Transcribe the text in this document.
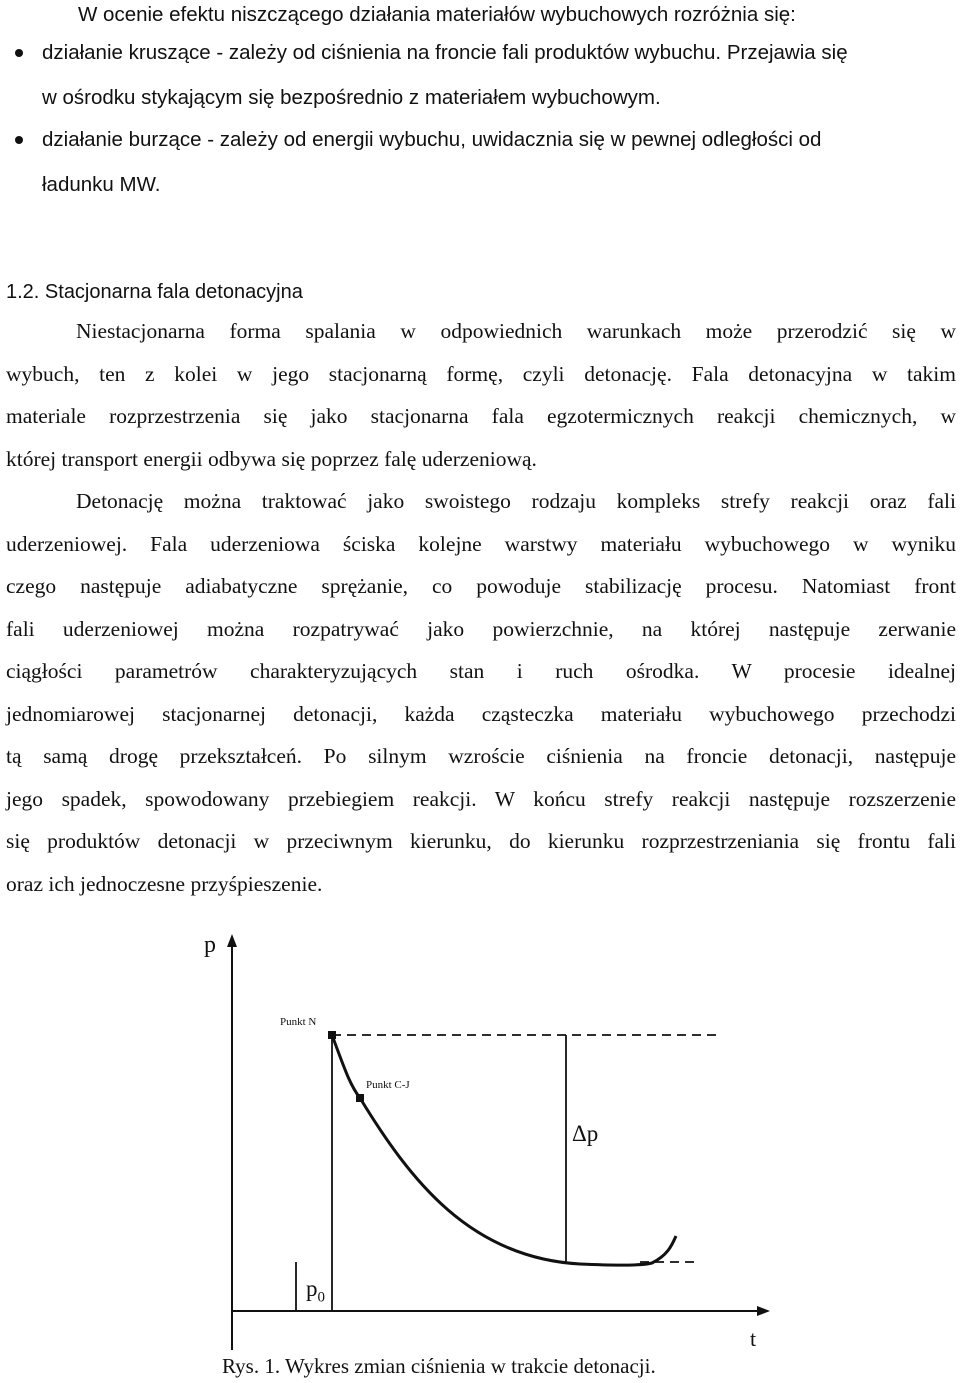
W ocenie efektu niszczącego działania materiałów wybuchowych rozróżnia się:
działanie kruszące - zależy od ciśnienia na froncie fali produktów wybuchu. Przejawia się
w ośrodku stykającym się bezpośrednio z materiałem wybuchowym.
działanie burzące - zależy od energii wybuchu, uwidacznia się w pewnej odległości od
ładunku MW.
1.2. Stacjonarna fala detonacyjna
Niestacjonarna forma spalania w odpowiednich warunkach może przerodzić się w
wybuch, ten z kolei w jego stacjonarną formę, czyli detonację. Fala detonacyjna w takim
materiale rozprzestrzenia się jako stacjonarna fala egzotermicznych reakcji chemicznych, w
której transport energii odbywa się poprzez falę uderzeniową.
Detonację można traktować jako swoistego rodzaju kompleks strefy reakcji oraz fali
uderzeniowej. Fala uderzeniowa ściska kolejne warstwy materiału wybuchowego w wyniku
czego następuje adiabatyczne sprężanie, co powoduje stabilizację procesu. Natomiast front
fali uderzeniowej można rozpatrywać jako powierzchnie, na której następuje zerwanie
ciągłości parametrów charakteryzujących stan i ruch ośrodka. W procesie idealnej
jednomiarowej stacjonarnej detonacji, każda cząsteczka materiału wybuchowego przechodzi
tą samą drogę przekształceń. Po silnym wzroście ciśnienia na froncie detonacji, następuje
jego spadek, spowodowany przebiegiem reakcji. W końcu strefy reakcji następuje rozszerzenie
się produktów detonacji w przeciwnym kierunku, do kierunku rozprzestrzeniania się frontu fali
oraz ich jednoczesne przyśpieszenie.
p
t
Punkt N
Punkt C-J
Δp
$p_0$
Rys. 1. Wykres zmian ciśnienia w trakcie detonacji.
